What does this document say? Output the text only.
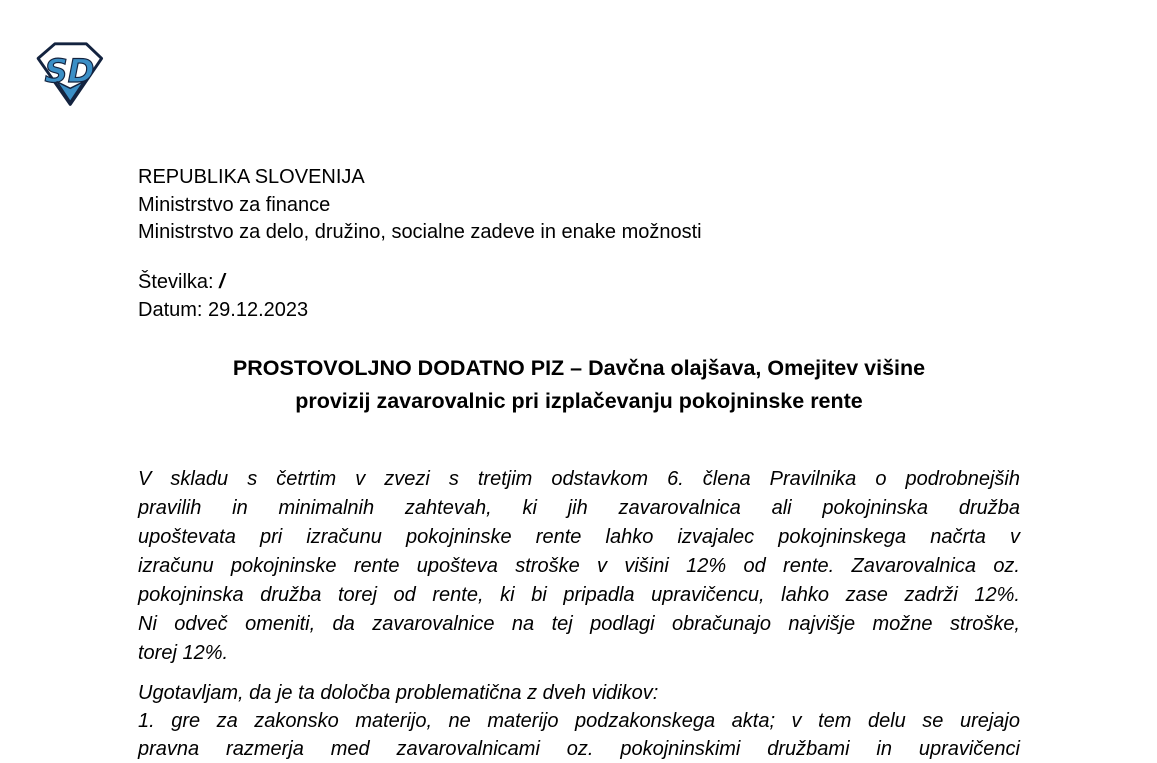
SD
REPUBLIKA SLOVENIJA
Ministrstvo za finance
Ministrstvo za delo, družino, socialne zadeve in enake možnosti
Številka: /
Datum: 29.12.2023
PROSTOVOLJNO DODATNO PIZ – Davčna olajšava, Omejitev višine
provizij zavarovalnic pri izplačevanju pokojninske rente
V skladu s četrtim v zvezi s tretjim odstavkom 6. člena Pravilnika o podrobnejših
pravilih in minimalnih zahtevah, ki jih zavarovalnica ali pokojninska družba
upoštevata pri izračunu pokojninske rente lahko izvajalec pokojninskega načrta v
izračunu pokojninske rente upošteva stroške v višini 12% od rente. Zavarovalnica oz.
pokojninska družba torej od rente, ki bi pripadla upravičencu, lahko zase zadrži 12%.
Ni odveč omeniti, da zavarovalnice na tej podlagi obračunajo najvišje možne stroške,
torej 12%.
Ugotavljam, da je ta določba problematična z dveh vidikov:
1. gre za zakonsko materijo, ne materijo podzakonskega akta; v tem delu se urejajo
pravna razmerja med zavarovalnicami oz. pokojninskimi družbami in upravičenci
